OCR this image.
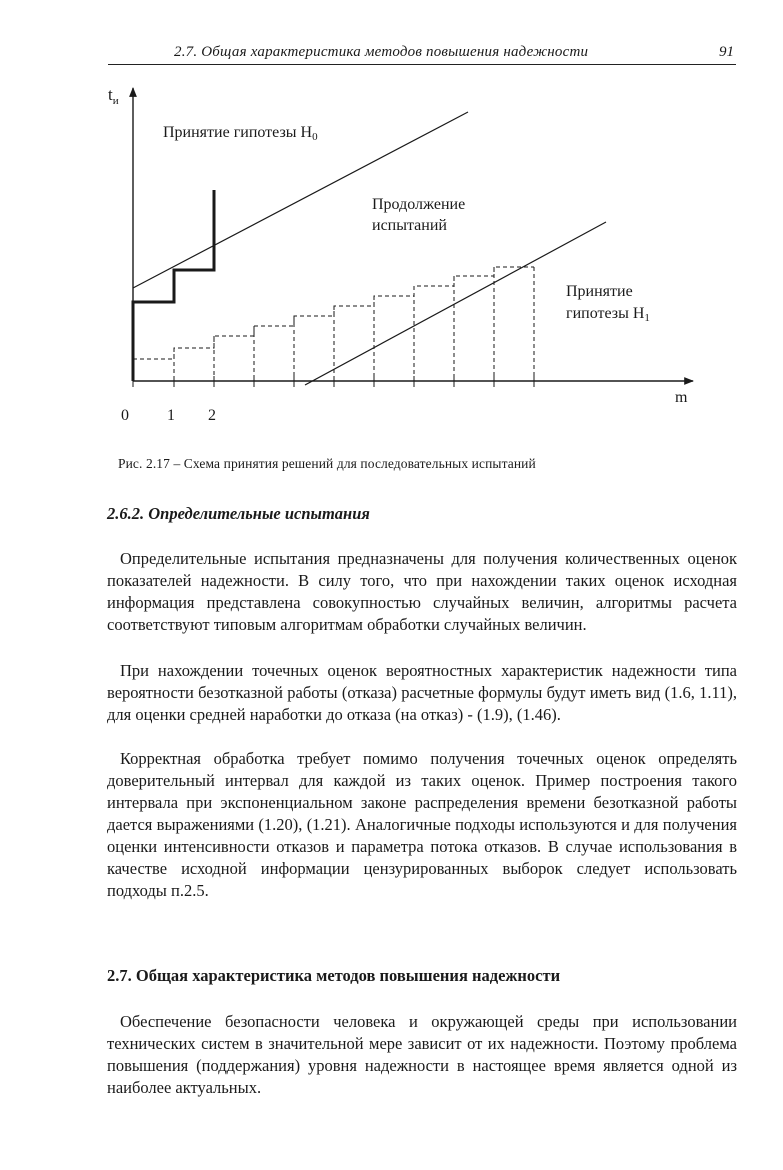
2.7. Общая характеристика методов повышения надежности	91
$t_и$
m
0 1 2
Принятие гипотезы H0
Продолжение испытаний
Принятие гипотезы H1
Рис. 2.17 – Схема принятия решений для последовательных испытаний
2.6.2. Определительные испытания

Определительные испытания предназначены для получения количественных оценок показателей надежности. В силу того, что при нахождении таких оценок исходная информация представлена совокупностью случайных величин, алгоритмы расчета соответствуют типовым алгоритмам обработки случайных величин.

При нахождении точечных оценок вероятностных характеристик надежности типа вероятности безотказной работы (отказа) расчетные формулы будут иметь вид (1.6, 1.11), для оценки средней наработки до отказа (на отказ) - (1.9), (1.46).

Корректная обработка требует помимо получения точечных оценок определять доверительный интервал для каждой из таких оценок. Пример построения такого интервала при экспоненциальном законе распределения времени безотказной работы дается выражениями (1.20), (1.21). Аналогичные подходы используются и для получения оценки интенсивности отказов и параметра потока отказов. В случае использования в качестве исходной информации цензурированных выборок следует использовать подходы п.2.5.

2.7. Общая характеристика методов повышения надежности

Обеспечение безопасности человека и окружающей среды при использовании технических систем в значительной мере зависит от их надежности. Поэтому проблема повышения (поддержания) уровня надежности в настоящее время является одной из наиболее актуальных.
